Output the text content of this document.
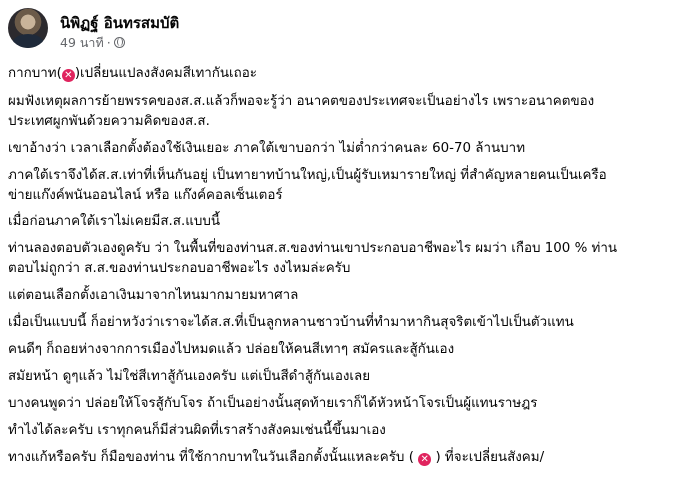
นิพิฏฐ์ อินทรสมบัติ
49 นาที ·

กากบาท( ✕ )เปลี่ยนแปลงสังคมสีเทากันเถอะ

ผมฟังเหตุผลการย้ายพรรคของส.ส.แล้วก็พอจะรู้ว่า อนาคตของประเทศจะเป็นอย่างไร เพราะอนาคตของ

ประเทศผูกพันด้วยความคิดของส.ส.

เขาอ้างว่า เวลาเลือกตั้งต้องใช้เงินเยอะ ภาคใต้เขาบอกว่า ไม่ต่ำกว่าคนละ 60-70 ล้านบาท

ภาคใต้เราจึงได้ส.ส.เท่าที่เห็นกันอยู่ เป็นทายาทบ้านใหญ่,เป็นผู้รับเหมารายใหญ่ ที่สำคัญหลายคนเป็นเครือ

ข่ายแก๊งค์พนันออนไลน์ หรือ แก๊งค์คอลเซ็นเตอร์

เมื่อก่อนภาคใต้เราไม่เคยมีส.ส.แบบนี้

ท่านลองตอบตัวเองดูครับ ว่า ในพื้นที่ของท่านส.ส.ของท่านเขาประกอบอาชีพอะไร ผมว่า เกือบ 100 % ท่าน

ตอบไม่ถูกว่า ส.ส.ของท่านประกอบอาชีพอะไร งงไหมล่ะครับ

แต่ตอนเลือกตั้งเอาเงินมาจากไหนมากมายมหาศาล

เมื่อเป็นแบบนี้ ก็อย่าหวังว่าเราจะได้ส.ส.ที่เป็นลูกหลานชาวบ้านที่ทำมาหากินสุจริตเข้าไปเป็นตัวแทน

คนดีๆ ก็ถอยห่างจากการเมืองไปหมดแล้ว ปล่อยให้คนสีเทาๆ สมัครและสู้กันเอง

สมัยหน้า ดูๆแล้ว ไม่ใช่สีเทาสู้กันเองครับ แต่เป็นสีดำสู้กันเองเลย

บางคนพูดว่า ปล่อยให้โจรสู้กับโจร ถ้าเป็นอย่างนั้นสุดท้ายเราก็ได้หัวหน้าโจรเป็นผู้แทนราษฎร

ทำไงได้ละครับ เราทุกคนก็มีส่วนผิดที่เราสร้างสังคมเช่นนี้ขึ้นมาเอง

ทางแก้หรือครับ ก็มือของท่าน ที่ใช้กากบาทในวันเลือกตั้งนั้นแหละครับ ( ✕ ) ที่จะเปลี่ยนสังคม/
